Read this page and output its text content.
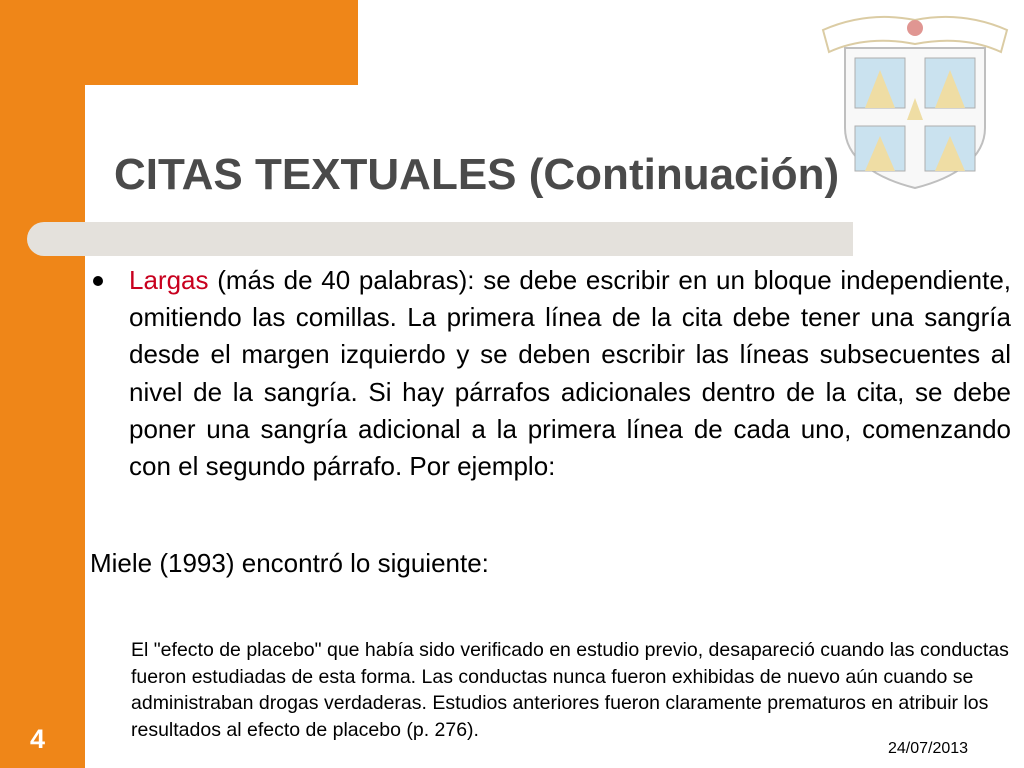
CITAS TEXTUALES (Continuación)

Largas (más de 40 palabras): se debe escribir en un bloque independiente, omitiendo las comillas. La primera línea de la cita debe tener una sangría desde el margen izquierdo y se deben escribir las líneas subsecuentes al nivel de la sangría. Si hay párrafos adicionales dentro de la cita, se debe poner una sangría adicional a la primera línea de cada uno, comenzando con el segundo párrafo. Por ejemplo:

Miele (1993) encontró lo siguiente:

El "efecto de placebo" que había sido verificado en estudio previo, desapareció cuando las conductas fueron estudiadas de esta forma. Las conductas nunca fueron exhibidas de nuevo aún cuando se administraban drogas verdaderas. Estudios anteriores fueron claramente prematuros en atribuir los resultados al efecto de placebo (p. 276).

4	24/07/2013
